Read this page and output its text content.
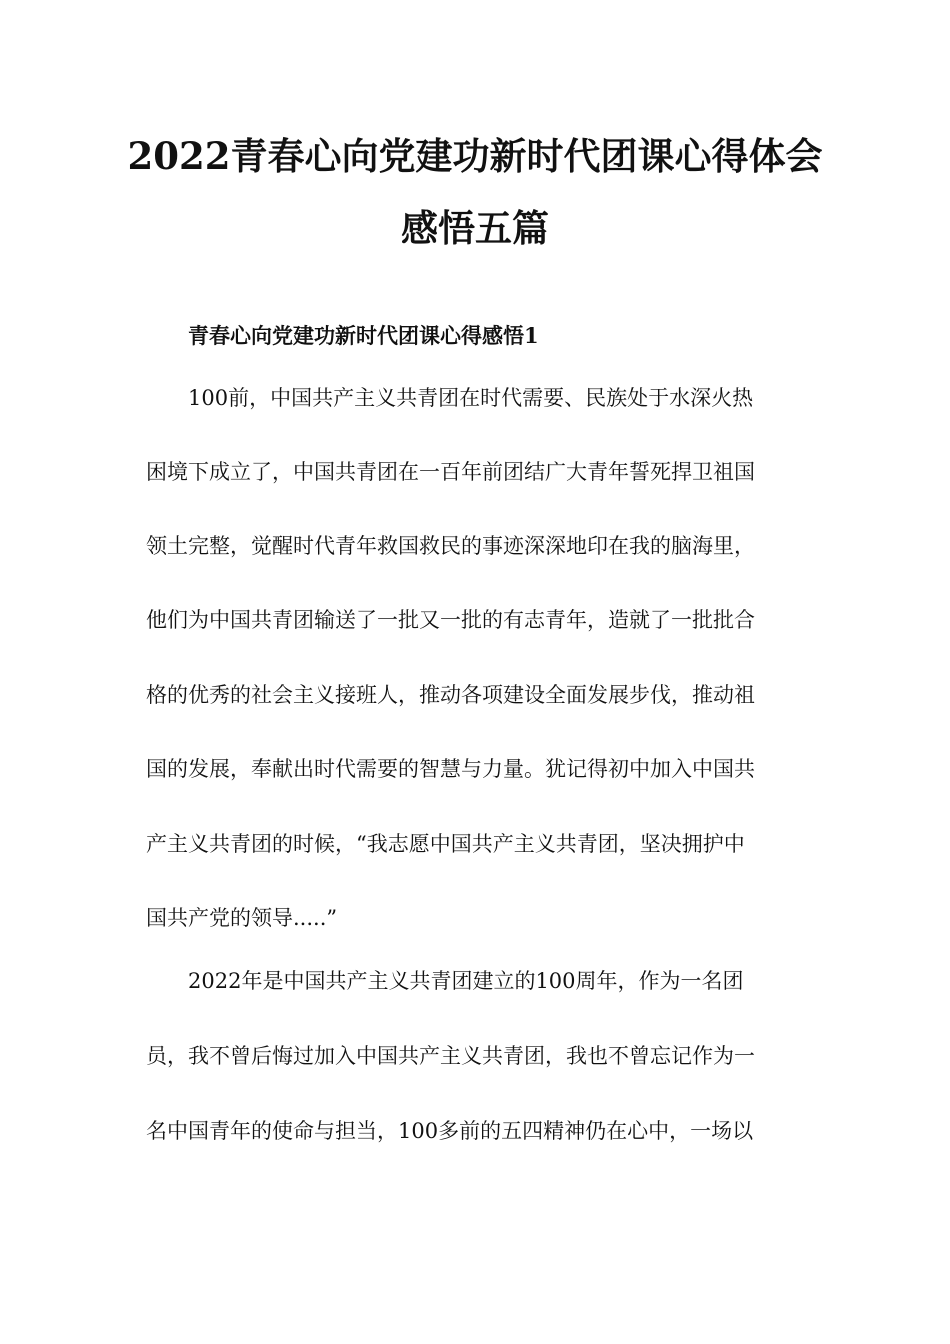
2022青春心向党建功新时代团课心得体会
感悟五篇
青春心向党建功新时代团课心得感悟1

100前，中国共产主义共青团在时代需要、民族处于水深火热

困境下成立了，中国共青团在一百年前团结广大青年誓死捍卫祖国

领土完整，觉醒时代青年救国救民的事迹深深地印在我的脑海里，

他们为中国共青团输送了一批又一批的有志青年，造就了一批批合

格的优秀的社会主义接班人，推动各项建设全面发展步伐，推动祖

国的发展，奉献出时代需要的智慧与力量。犹记得初中加入中国共

产主义共青团的时候，“我志愿中国共产主义共青团，坚决拥护中

国共产党的领导.....”

2022年是中国共产主义共青团建立的100周年，作为一名团

员，我不曾后悔过加入中国共产主义共青团，我也不曾忘记作为一

名中国青年的使命与担当，100多前的五四精神仍在心中，一场以
